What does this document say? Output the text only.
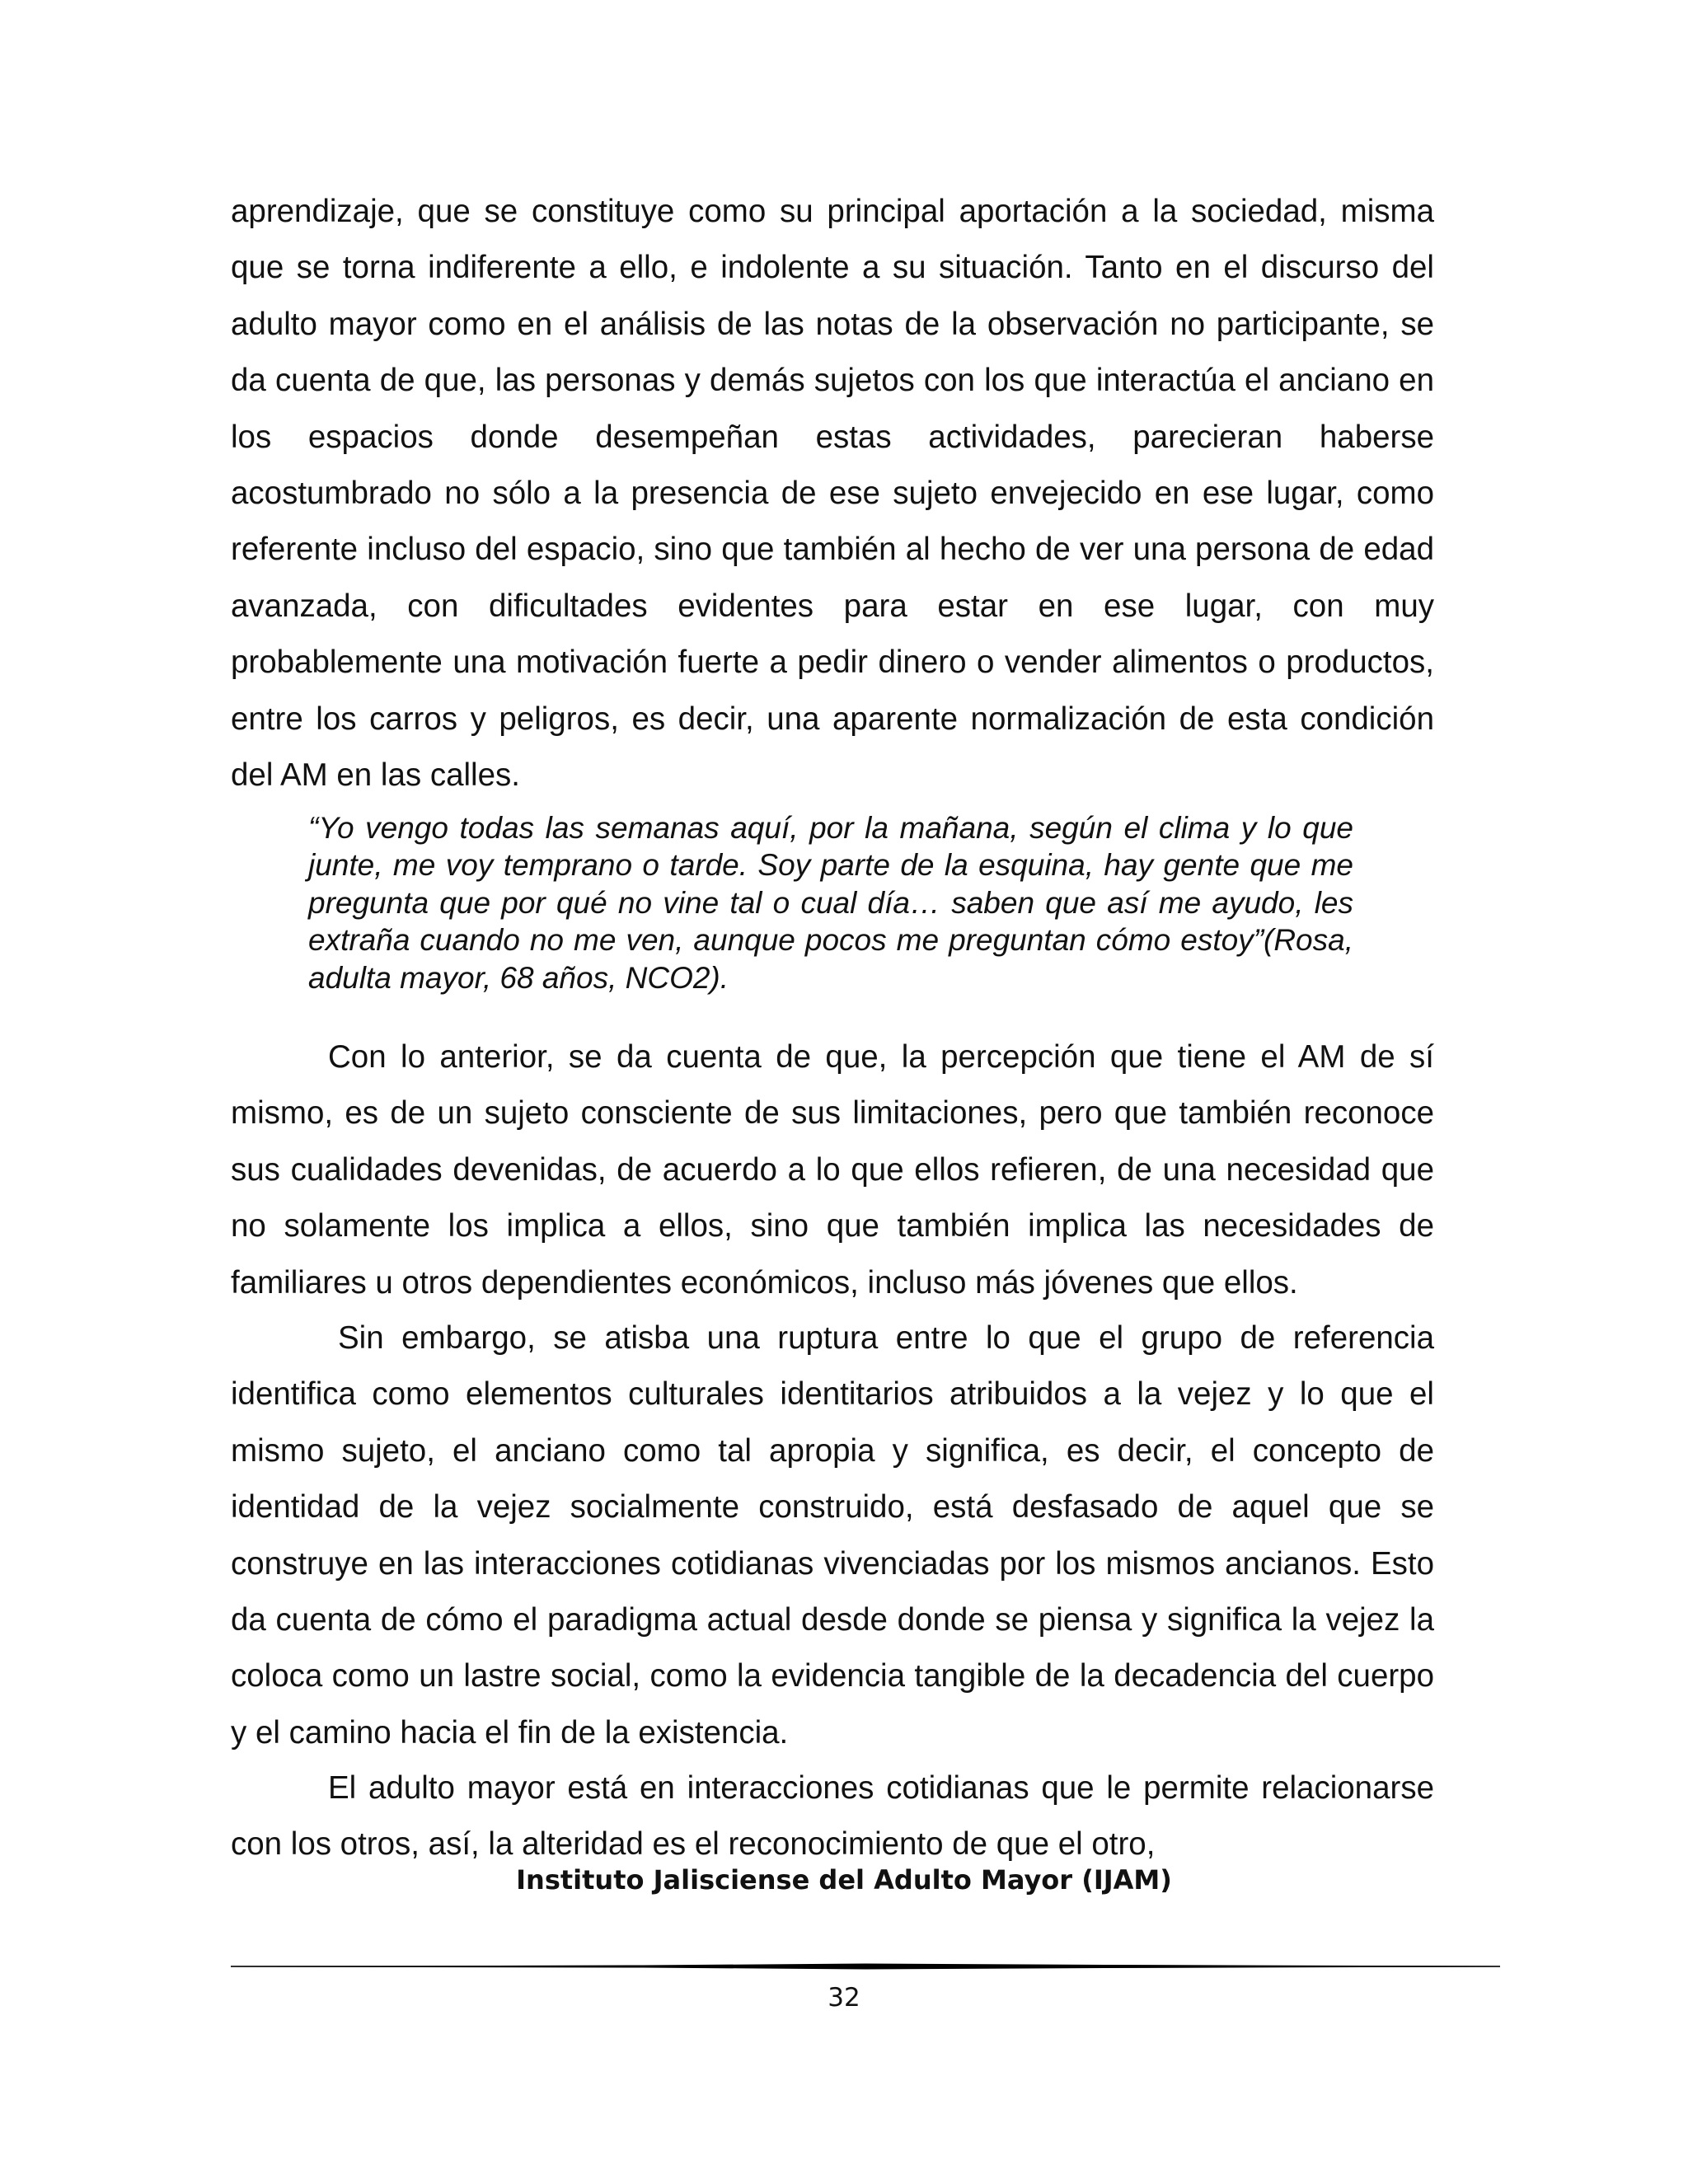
aprendizaje, que se constituye como su principal aportación a la sociedad, misma que se torna indiferente a ello, e indolente a su situación. Tanto en el discurso del adulto mayor como en el análisis de las notas de la observación no participante, se da cuenta de que, las personas y demás sujetos con los que interactúa el anciano en los espacios donde desempeñan estas actividades, parecieran haberse acostumbrado no sólo a la presencia de ese sujeto envejecido en ese lugar, como referente incluso del espacio, sino que también al hecho de ver una persona de edad avanzada, con dificultades evidentes para estar en ese lugar, con muy probablemente una motivación fuerte a pedir dinero o vender alimentos o productos, entre los carros y peligros, es decir, una aparente normalización de esta condición del AM en las calles.

“Yo vengo todas las semanas aquí, por la mañana, según el clima y lo que junte, me voy temprano o tarde. Soy parte de la esquina, hay gente que me pregunta que por qué no vine tal o cual día… saben que así me ayudo, les extraña cuando no me ven, aunque pocos me preguntan cómo estoy”(Rosa, adulta mayor, 68 años, NCO2).

Con lo anterior, se da cuenta de que, la percepción que tiene el AM de sí mismo, es de un sujeto consciente de sus limitaciones, pero que también reconoce sus cualidades devenidas, de acuerdo a lo que ellos refieren, de una necesidad que no solamente los implica a ellos, sino que también implica las necesidades de familiares u otros dependientes económicos, incluso más jóvenes que ellos.

Sin embargo, se atisba una ruptura entre lo que el grupo de referencia identifica como elementos culturales identitarios atribuidos a la vejez y lo que el mismo sujeto, el anciano como tal apropia y significa, es decir, el concepto de identidad de la vejez socialmente construido, está desfasado de aquel que se construye en las interacciones cotidianas vivenciadas por los mismos ancianos. Esto da cuenta de cómo el paradigma actual desde donde se piensa y significa la vejez la coloca como un lastre social, como la evidencia tangible de la decadencia del cuerpo y el camino hacia el fin de la existencia.

El adulto mayor está en interacciones cotidianas que le permite relacionarse con los otros, así, la alteridad es el reconocimiento de que el otro,

Instituto Jalisciense del Adulto Mayor (IJAM)

32
